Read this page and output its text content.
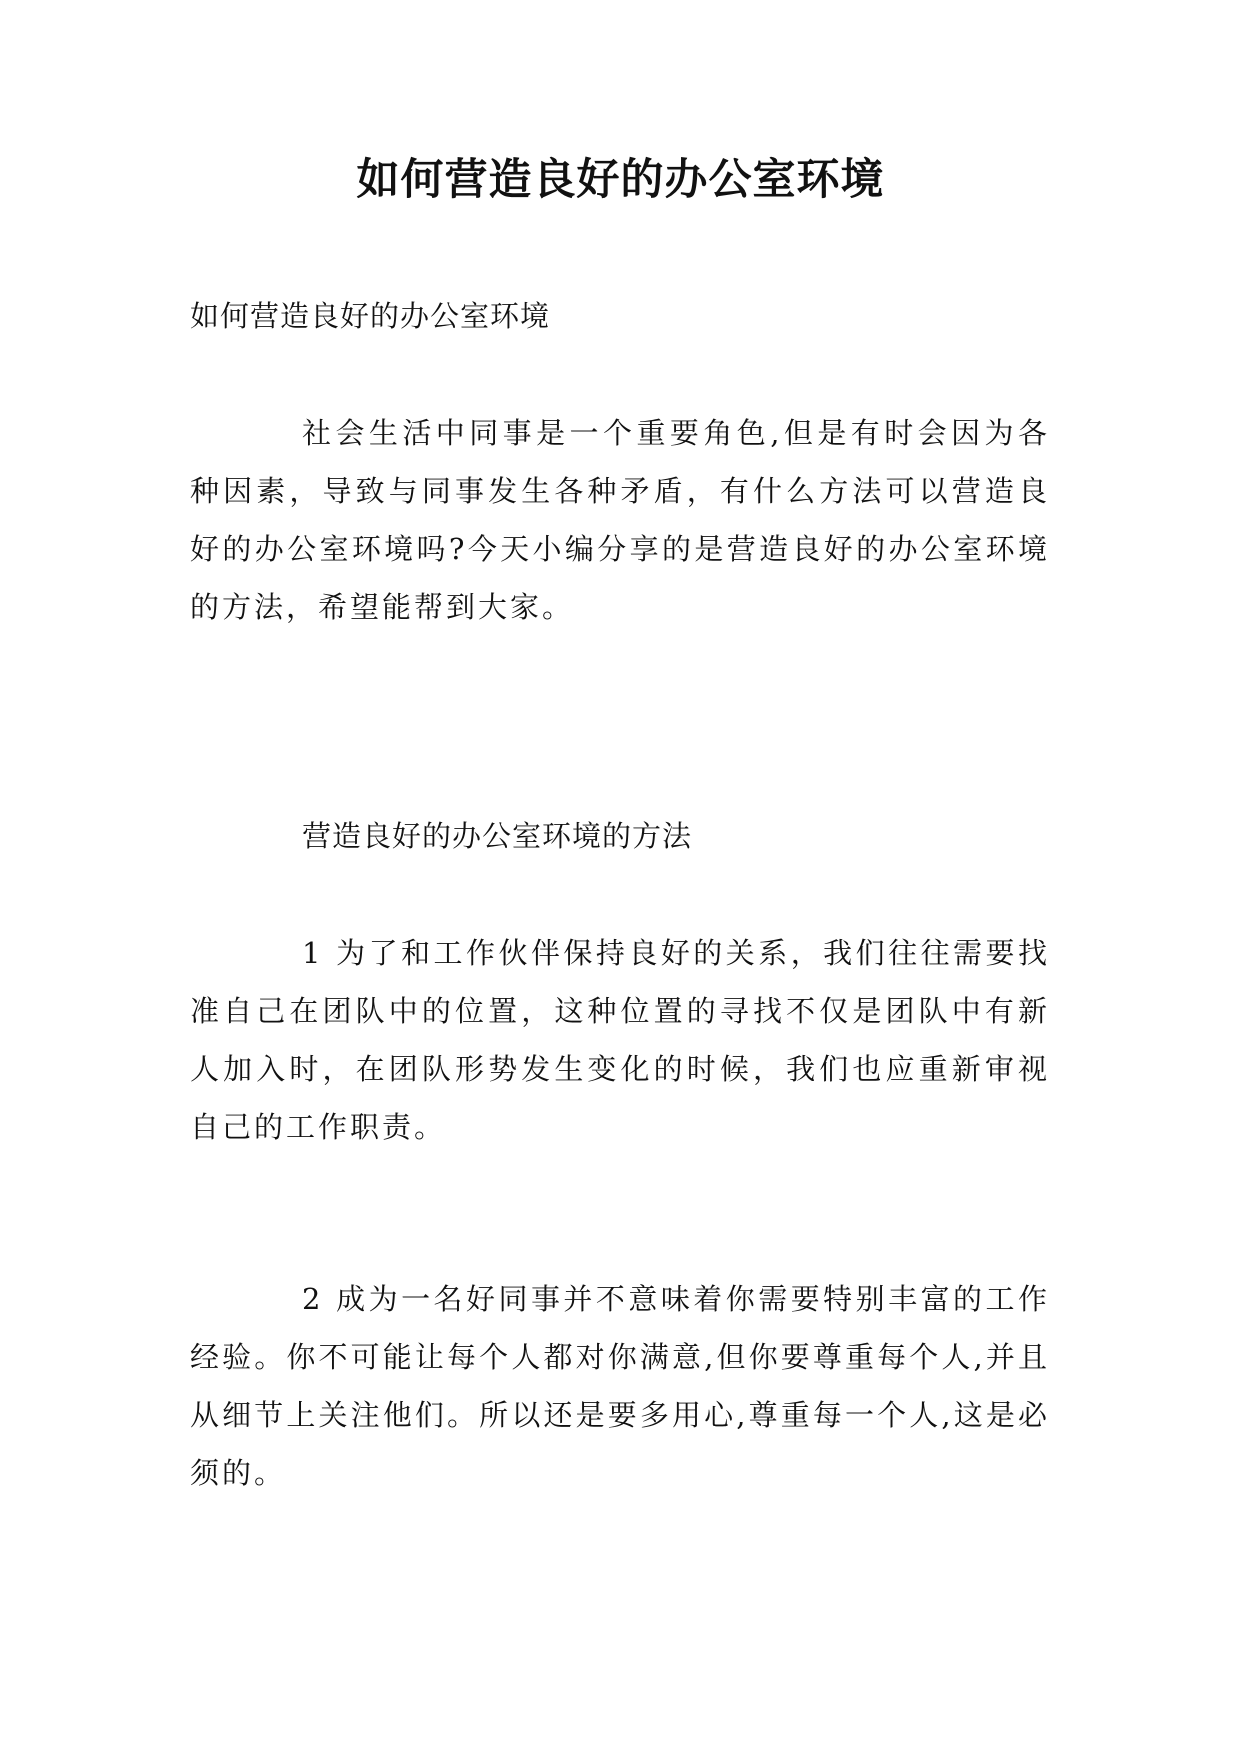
如何营造良好的办公室环境
如何营造良好的办公室环境

社会生活中同事是一个重要角色,但是有时会因为各种因素，导致与同事发生各种矛盾，有什么方法可以营造良好的办公室环境吗?今天小编分享的是营造良好的办公室环境的方法，希望能帮到大家。

营造良好的办公室环境的方法

1 为了和工作伙伴保持良好的关系，我们往往需要找准自己在团队中的位置，这种位置的寻找不仅是团队中有新人加入时，在团队形势发生变化的时候，我们也应重新审视自己的工作职责。

2 成为一名好同事并不意味着你需要特别丰富的工作经验。你不可能让每个人都对你满意,但你要尊重每个人,并且从细节上关注他们。所以还是要多用心,尊重每一个人,这是必须的。
